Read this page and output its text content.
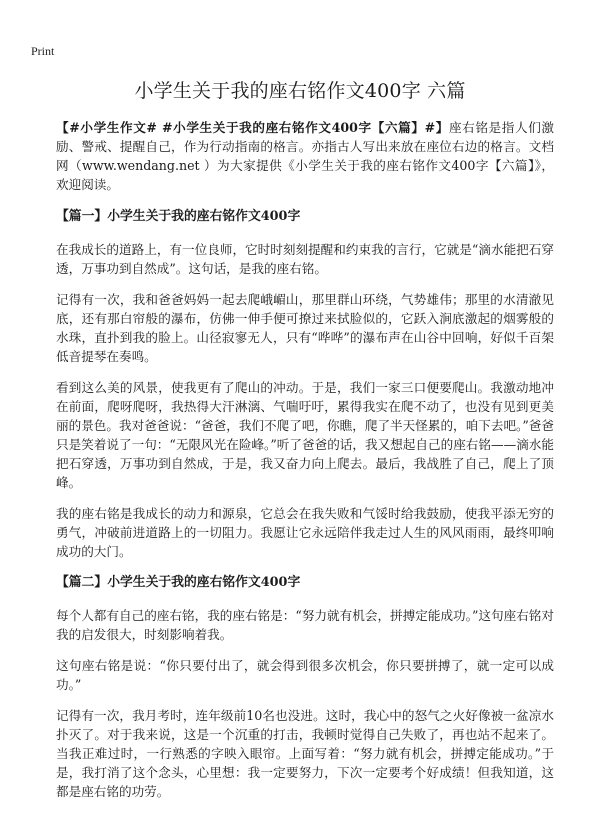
Print
小学生关于我的座右铭作文400字 六篇

【#小学生作文# #小学生关于我的座右铭作文400字【六篇】#】座右铭是指人们激励、警戒、提醒自己，作为行动指南的格言。亦指古人写出来放在座位右边的格言。文档网（www.wendang.net ）为大家提供《小学生关于我的座右铭作文400字【六篇】》，欢迎阅读。

【篇一】小学生关于我的座右铭作文400字

在我成长的道路上，有一位良师，它时时刻刻提醒和约束我的言行，它就是“滴水能把石穿透，万事功到自然成”。这句话，是我的座右铭。

记得有一次，我和爸爸妈妈一起去爬峨嵋山，那里群山环绕，气势雄伟；那里的水清澈见底，还有那白帘般的瀑布，仿佛一伸手便可撩过来拭脸似的，它跃入涧底激起的烟雾般的水珠，直扑到我的脸上。山径寂寥无人，只有“哗哗”的瀑布声在山谷中回响，好似千百架低音提琴在奏鸣。

看到这么美的风景，使我更有了爬山的冲动。于是，我们一家三口便要爬山。我激动地冲在前面，爬呀爬呀，我热得大汗淋漓、气喘吁吁，累得我实在爬不动了，也没有见到更美丽的景色。我对爸爸说：“爸爸，我们不爬了吧，你瞧，爬了半天怪累的，咱下去吧。”爸爸只是笑着说了一句：“无限风光在险峰。”听了爸爸的话，我又想起自己的座右铭——滴水能把石穿透，万事功到自然成，于是，我又奋力向上爬去。最后，我战胜了自己，爬上了顶峰。

我的座右铭是我成长的动力和源泉，它总会在我失败和气馁时给我鼓励，使我平添无穷的勇气，冲破前进道路上的一切阻力。我愿让它永远陪伴我走过人生的风风雨雨，最终叩响成功的大门。

【篇二】小学生关于我的座右铭作文400字

每个人都有自己的座右铭，我的座右铭是：“努力就有机会，拼搏定能成功。”这句座右铭对我的启发很大，时刻影响着我。

这句座右铭是说：“你只要付出了，就会得到很多次机会，你只要拼搏了，就一定可以成功。”

记得有一次，我月考时，连年级前10名也没进。这时，我心中的怒气之火好像被一盆凉水扑灭了。对于我来说，这是一个沉重的打击，我顿时觉得自己失败了，再也站不起来了。当我正难过时，一行熟悉的字映入眼帘。上面写着：“努力就有机会，拼搏定能成功。”于是，我打消了这个念头，心里想：我一定要努力，下次一定要考个好成绩！但我知道，这都是座右铭的功劳。
